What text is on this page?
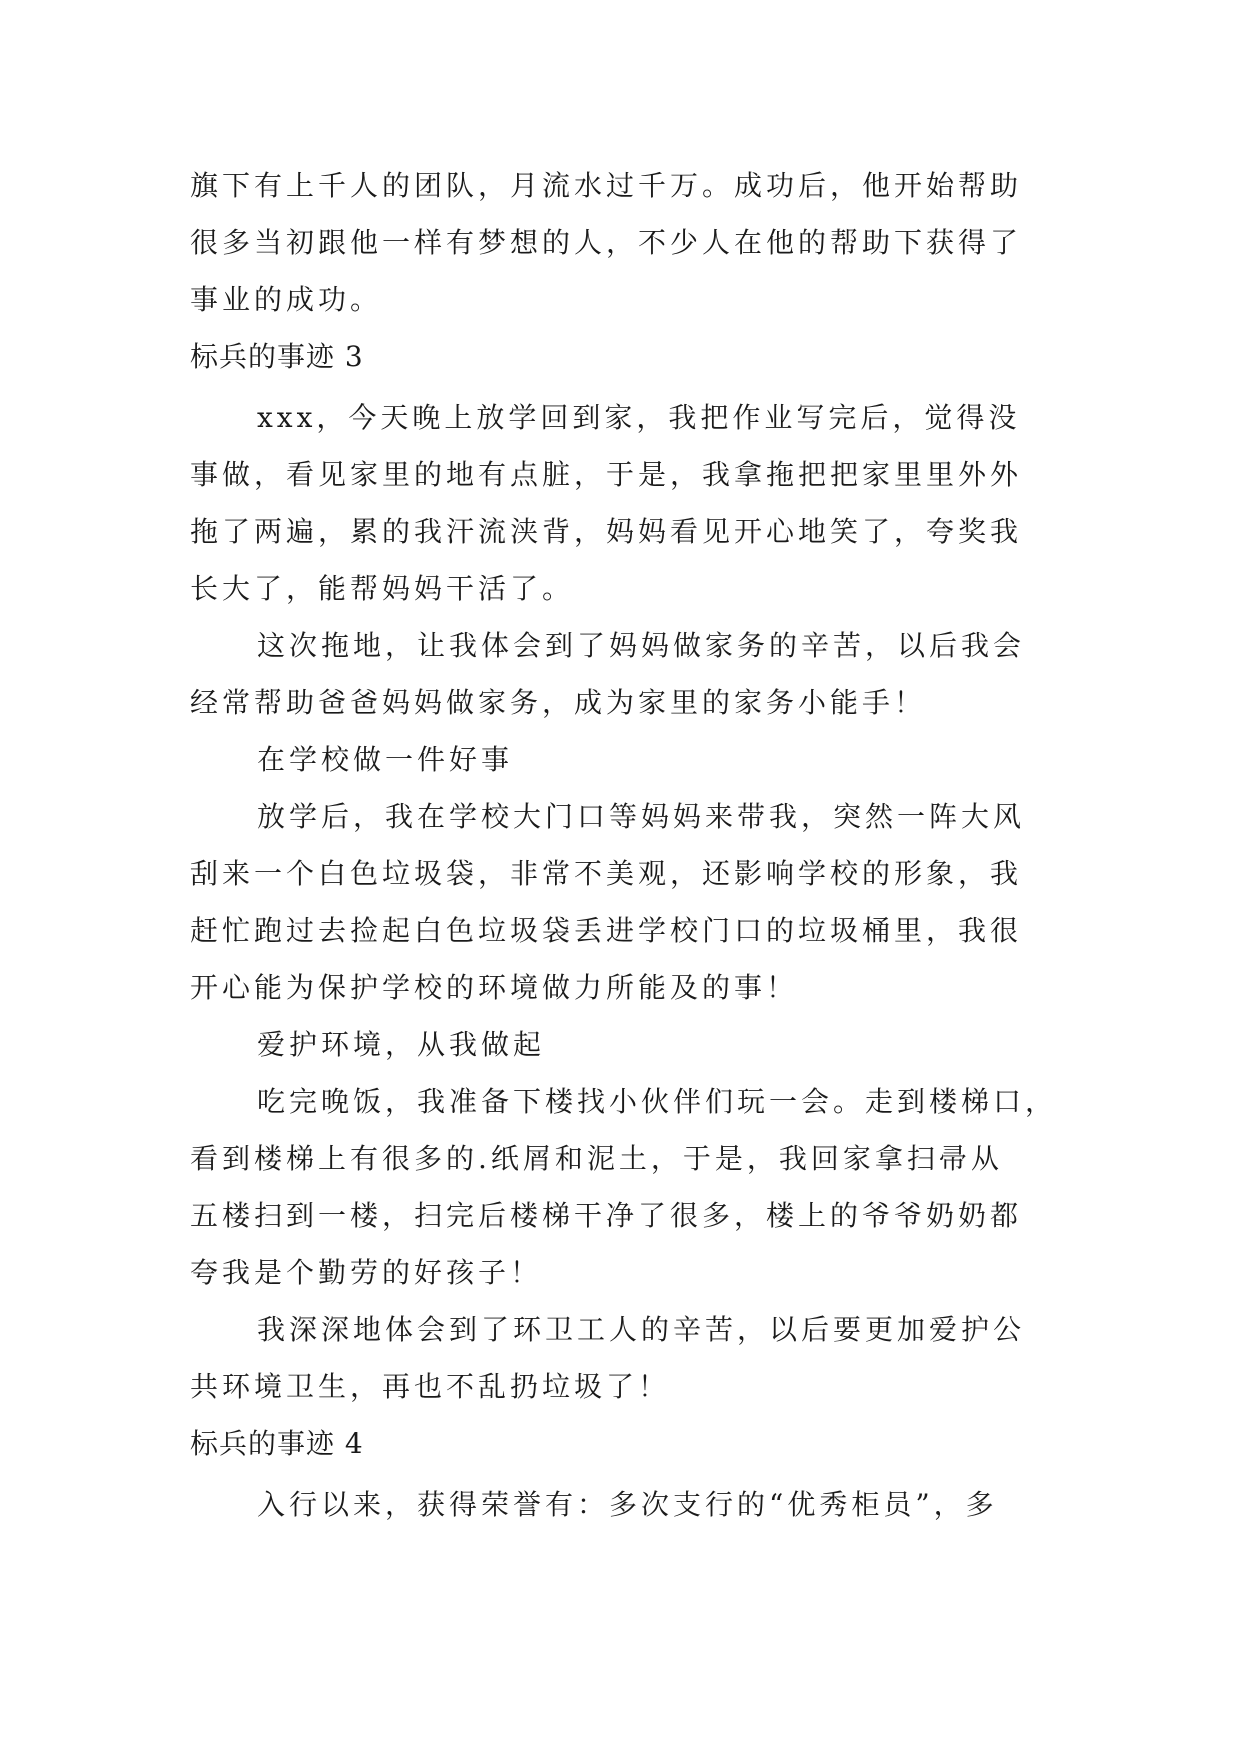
旗下有上千人的团队，月流水过千万。成功后，他开始帮助
很多当初跟他一样有梦想的人，不少人在他的帮助下获得了
事业的成功。
标兵的事迹 3
xxx，今天晚上放学回到家，我把作业写完后，觉得没
事做，看见家里的地有点脏，于是，我拿拖把把家里里外外
拖了两遍，累的我汗流浃背，妈妈看见开心地笑了，夸奖我
长大了，能帮妈妈干活了。
这次拖地，让我体会到了妈妈做家务的辛苦，以后我会
经常帮助爸爸妈妈做家务，成为家里的家务小能手！
在学校做一件好事
放学后，我在学校大门口等妈妈来带我，突然一阵大风
刮来一个白色垃圾袋，非常不美观，还影响学校的形象，我
赶忙跑过去捡起白色垃圾袋丢进学校门口的垃圾桶里，我很
开心能为保护学校的环境做力所能及的事！
爱护环境，从我做起
吃完晚饭，我准备下楼找小伙伴们玩一会。走到楼梯口，
看到楼梯上有很多的.纸屑和泥土，于是，我回家拿扫帚从
五楼扫到一楼，扫完后楼梯干净了很多，楼上的爷爷奶奶都
夸我是个勤劳的好孩子！
我深深地体会到了环卫工人的辛苦，以后要更加爱护公
共环境卫生，再也不乱扔垃圾了！
标兵的事迹 4
入行以来，获得荣誉有：多次支行的“优秀柜员”，多
